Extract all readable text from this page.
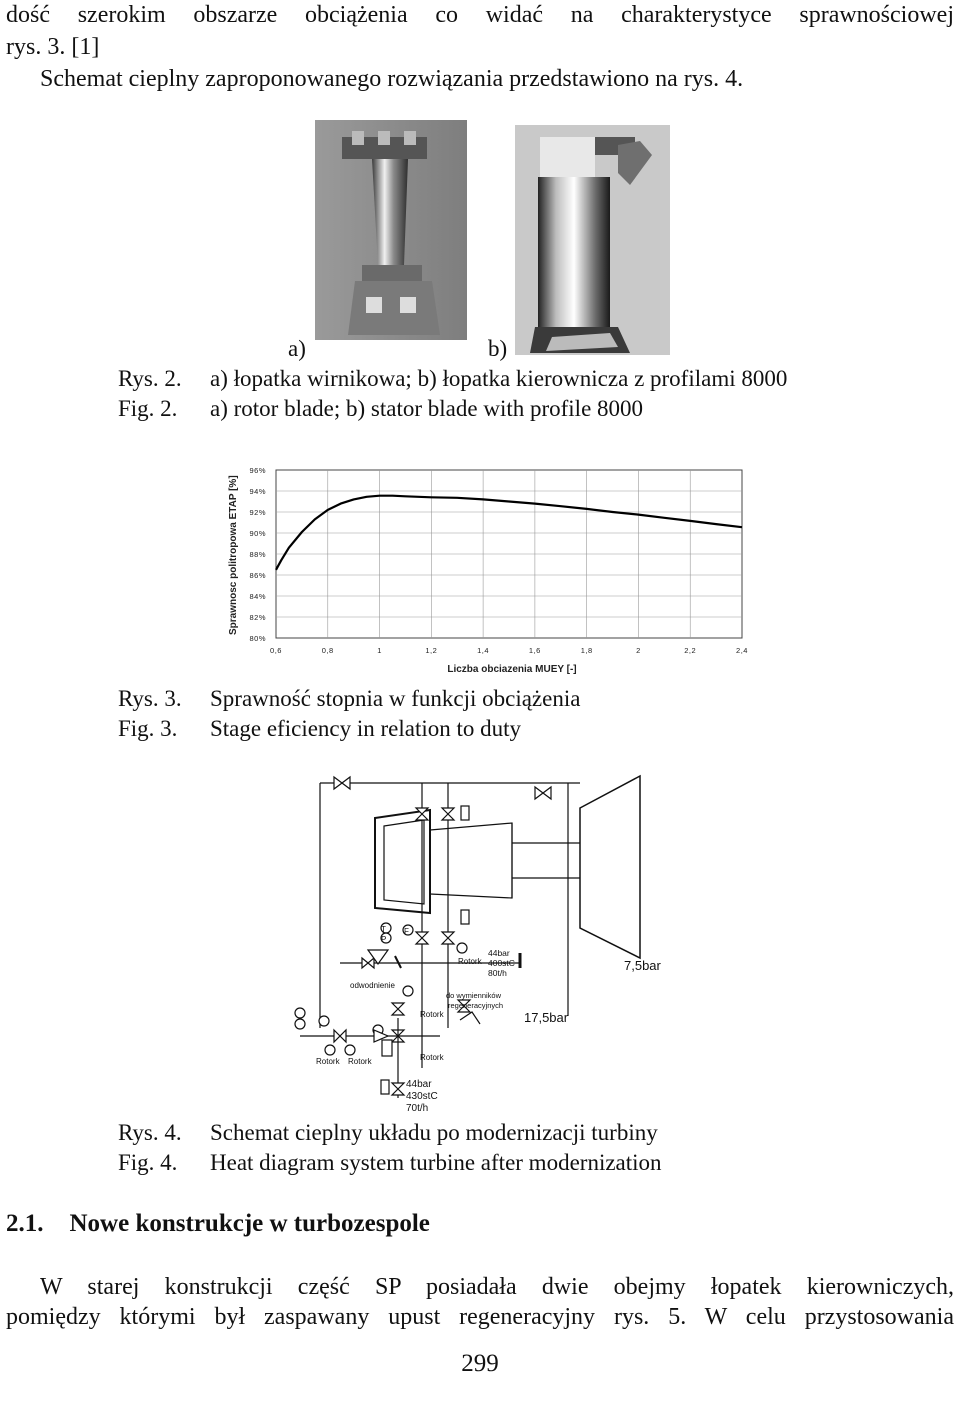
dość szerokim obszarze obciążenia co widać na charakterystyce sprawnościowej
rys. 3. [1]
Schemat cieplny zaproponowanego rozwiązania przedstawiono na rys. 4.
a)	b)
Rys. 2. a) łopatka wirnikowa; b) łopatka kierownicza z profilami 8000
Fig. 2. a) rotor blade; b) stator blade with profile 8000
Sprawnosc politropowa ETAP [%]
Liczba obciazenia MUEY [-]
80%
82%
84%
86%
88%
90%
92%
94%
96%
0,6	0,8	1	1,2	1,4	1,6	1,8	2	2,2	2,4
Rys. 3. Sprawność stopnia w funkcji obciążenia
Fig. 3. Stage eficiency in relation to duty
T
P
F
Rotork
44bar
400stC
80t/h	7,5bar
odwodnienie
do wymienników
regeneracyjnych
Rotork	17,5bar
Rotork Rotork	Rotork
44bar
430stC
70t/h
Rys. 4. Schemat cieplny układu po modernizacji turbiny
Fig. 4. Heat diagram system turbine after modernization
2.1. Nowe konstrukcje w turbozespole
W starej konstrukcji część SP posiadała dwie obejmy łopatek kierowniczych,
pomiędzy którymi był zaspawany upust regeneracyjny rys. 5. W celu przystosowania
299
